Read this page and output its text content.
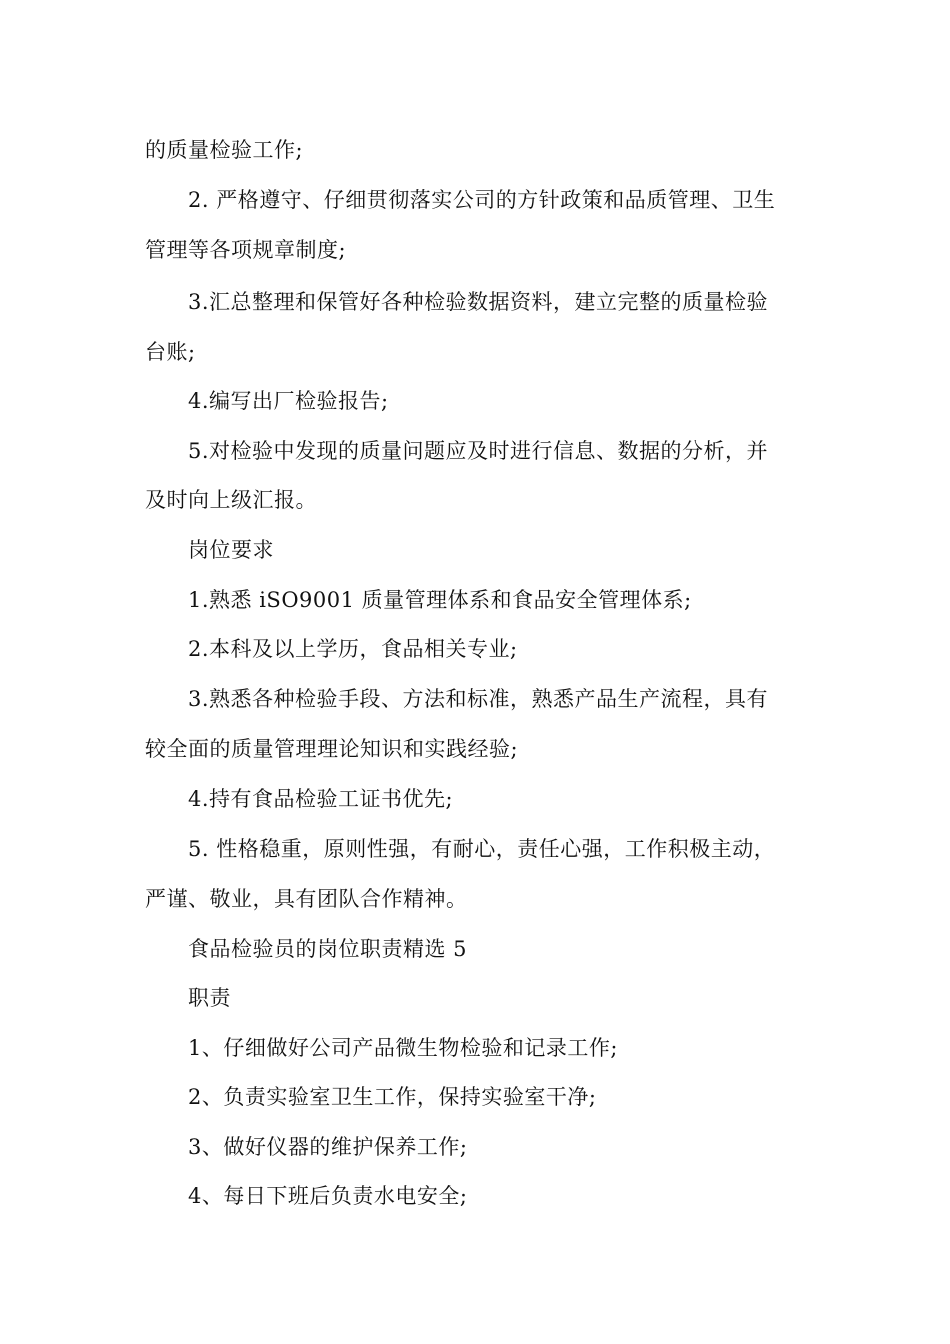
的质量检验工作;
2. 严格遵守、仔细贯彻落实公司的方针政策和品质管理、卫生
管理等各项规章制度;
3.汇总整理和保管好各种检验数据资料，建立完整的质量检验
台账;
4.编写出厂检验报告;
5.对检验中发现的质量问题应及时进行信息、数据的分析，并
及时向上级汇报。
岗位要求
1.熟悉 iSO9001 质量管理体系和食品安全管理体系;
2.本科及以上学历，食品相关专业;
3.熟悉各种检验手段、方法和标准，熟悉产品生产流程，具有
较全面的质量管理理论知识和实践经验;
4.持有食品检验工证书优先;
5. 性格稳重，原则性强，有耐心，责任心强，工作积极主动，
严谨、敬业，具有团队合作精神。
食品检验员的岗位职责精选 5
职责
1、仔细做好公司产品微生物检验和记录工作;
2、负责实验室卫生工作，保持实验室干净;
3、做好仪器的维护保养工作;
4、每日下班后负责水电安全;
